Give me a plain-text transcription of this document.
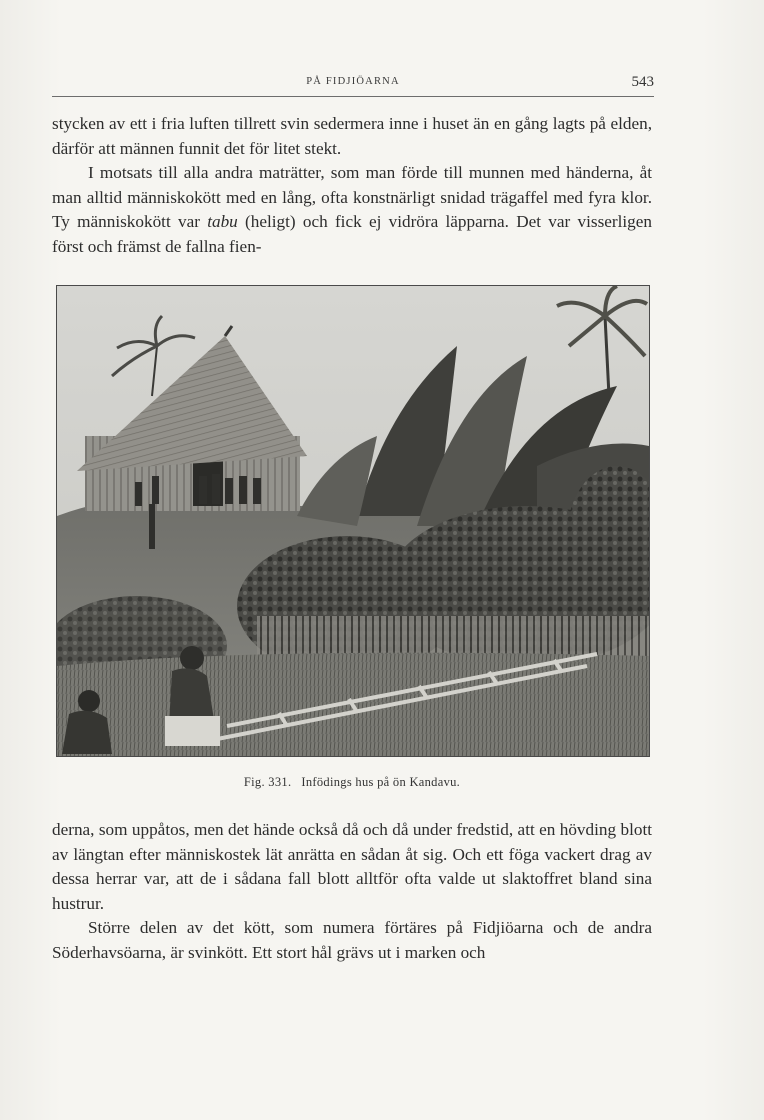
PÅ FIDJIÖARNA	543

stycken av ett i fria luften tillrett svin sedermera inne i huset än en gång lagts på elden, därför att männen funnit det för litet stekt.

I motsats till alla andra maträtter, som man förde till munnen med händerna, åt man alltid människokött med en lång, ofta konstnärligt snidad trägaffel med fyra klor. Ty människokött var tabu (heligt) och fick ej vidröra läpparna. Det var visserligen först och främst de fallna fien-

Fig. 331. Infödings hus på ön Kandavu.

derna, som uppåtos, men det hände också då och då under fredstid, att en hövding blott av längtan efter människostek lät anrätta en sådan åt sig. Och ett föga vackert drag av dessa herrar var, att de i sådana fall blott alltför ofta valde ut slaktoffret bland sina hustrur.

Större delen av det kött, som numera förtäres på Fidjiöarna och de andra Söderhavsöarna, är svinkött. Ett stort hål grävs ut i marken och
